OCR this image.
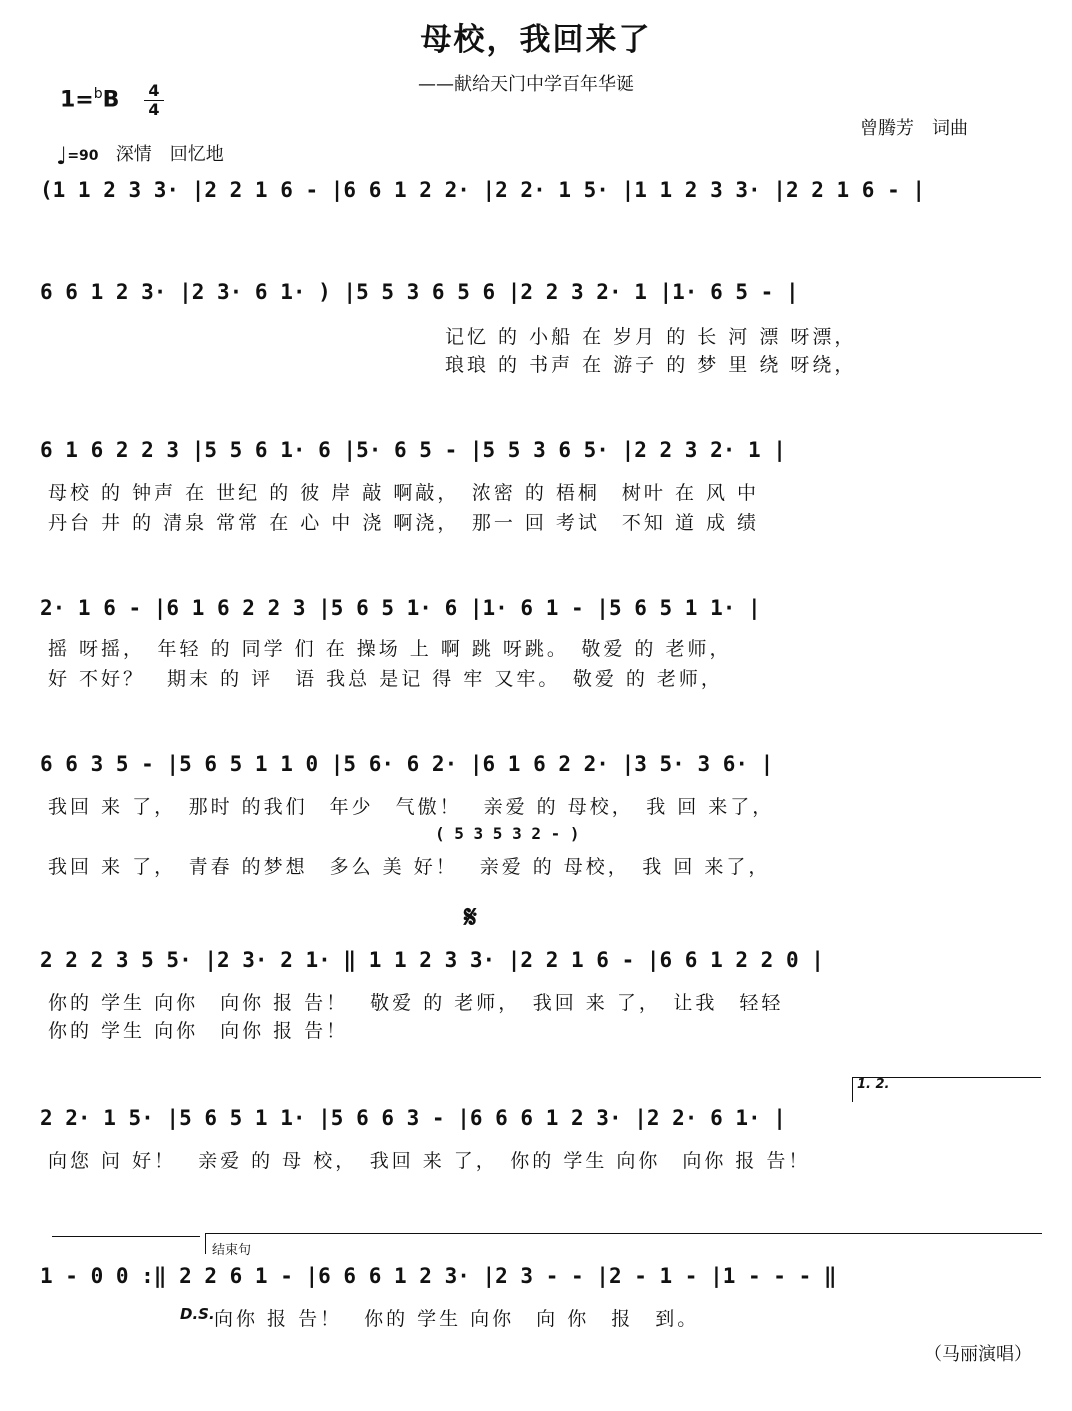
母校，我回来了
——献给天门中学百年华诞
1=$^b$B 4
4
♩=90 深情　回忆地
曾腾芳　词曲
(1 1 2 3 3· |2 2 1 6 - |6 6 1 2 2· |2 2· 1 5· |1 1 2 3 3· |2 2 1 6 - |
6 6 1 2 3· |2 3· 6 1· ) |5 5 3 6 5 6 |2 2 3 2· 1 |1· 6 5 - |
记忆 的 小船 在 岁月 的 长 河 漂 呀漂，
琅琅 的 书声 在 游子 的 梦 里 绕 呀绕，
6 1 6 2 2 3 |5 5 6 1· 6 |5· 6 5 - |5 5 3 6 5· |2 2 3 2· 1 |
母校 的 钟声 在 世纪 的 彼 岸 敲 啊敲，　浓密 的 梧桐　树叶 在 风 中
丹台 井 的 清泉 常常 在 心 中 浇 啊浇，　那一 回 考试　不知 道 成 绩
2· 1 6 - |6 1 6 2 2 3 |5 6 5 1· 6 |1· 6 1 - |5 6 5 1 1· |
摇 呀摇，　年轻 的 同学 们 在 操场 上 啊 跳 呀跳。　敬爱 的 老师，
好 不好？　期末 的 评　语 我总 是记 得 牢 又牢。　敬爱 的 老师，
6 6 3 5 - |5 6 5 1 1 0 |5 6· 6 2· |6 1 6 2 2· |3 5· 3 6· |
我回 来 了，　那时 的我们　年少　气傲！　亲爱 的 母校，　我 回 来了，
( 5 3 5 3 2 - )
我回 来 了，　青春 的梦想　多么 美 好！　亲爱 的 母校，　我 回 来了，
𝄋
2 2 2 3 5 5· |2 3· 2 1· ‖ 1 1 2 3 3· |2 2 1 6 - |6 6 1 2 2 0 |
你的 学生 向你　向你 报 告！　敬爱 的 老师，　我回 来 了，　让我　轻轻
你的 学生 向你　向你 报 告！
1. 2.
2 2· 1 5· |5 6 5 1 1· |5 6 6 3 - |6 6 6 1 2 3· |2 2· 6 1· |
向您 问 好！　亲爱 的 母 校，　我回 来 了，　你的 学生 向你　向你 报 告！
结束句
1 - 0 0 :‖ 2 2 6 1 - |6 6 6 1 2 3· |2 3 - - |2 - 1 - |1 - - - ‖
向你 报 告！　你的 学生 向你　向 你　报　到。
D.S.
（马丽演唱）
